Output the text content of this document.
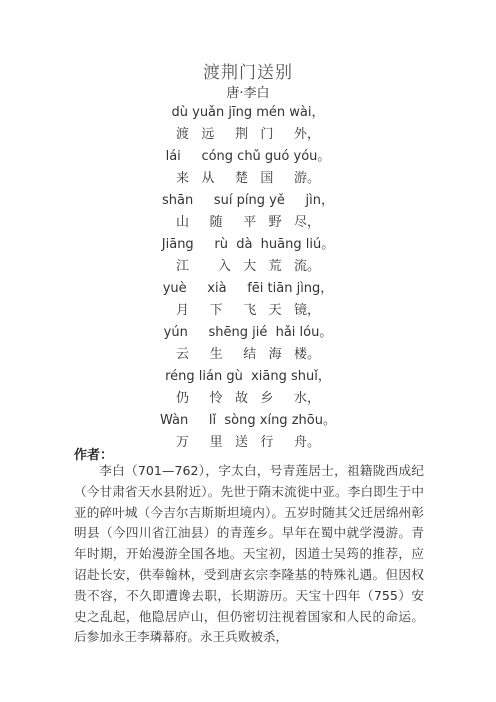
渡荆门送别
唐·李白
dù yuǎn jīng mén wài，
渡   远     荆   门     外，
lái     cóng chǔ guó yóu。
来   从     楚   国     游。
shān     suí píng yě     jìn，
山     随     平   野   尽，
Jiāng     rù  dà  huāng liú。
江       入   大   荒   流。
yuè     xià     fēi tiān jìng，
月     下     飞   天   镜，
yún     shēng jié  hǎi lóu。
云     生     结   海   楼。
réng lián gù  xiāng shuǐ，
仍     怜   故   乡     水，
Wàn     lǐ  sòng xíng zhōu。
万     里   送   行     舟。
作者：

李白（701—762），字太白，号青莲居士，祖籍陇西成纪（今甘肃省天水县附近）。先世于隋末流徙中亚。李白即生于中亚的碎叶城（今吉尔吉斯斯坦境内）。五岁时随其父迁居绵州彰明县（今四川省江油县）的青莲乡。早年在蜀中就学漫游。青年时期，开始漫游全国各地。天宝初，因道士吴筠的推荐，应诏赴长安，供奉翰林，受到唐玄宗李隆基的特殊礼遇。但因权贵不容，不久即遭谗去职，长期游历。天宝十四年（755）安史之乱起，他隐居庐山，但仍密切注视着国家和人民的命运。后参加永王李璘幕府。永王兵败被杀，
